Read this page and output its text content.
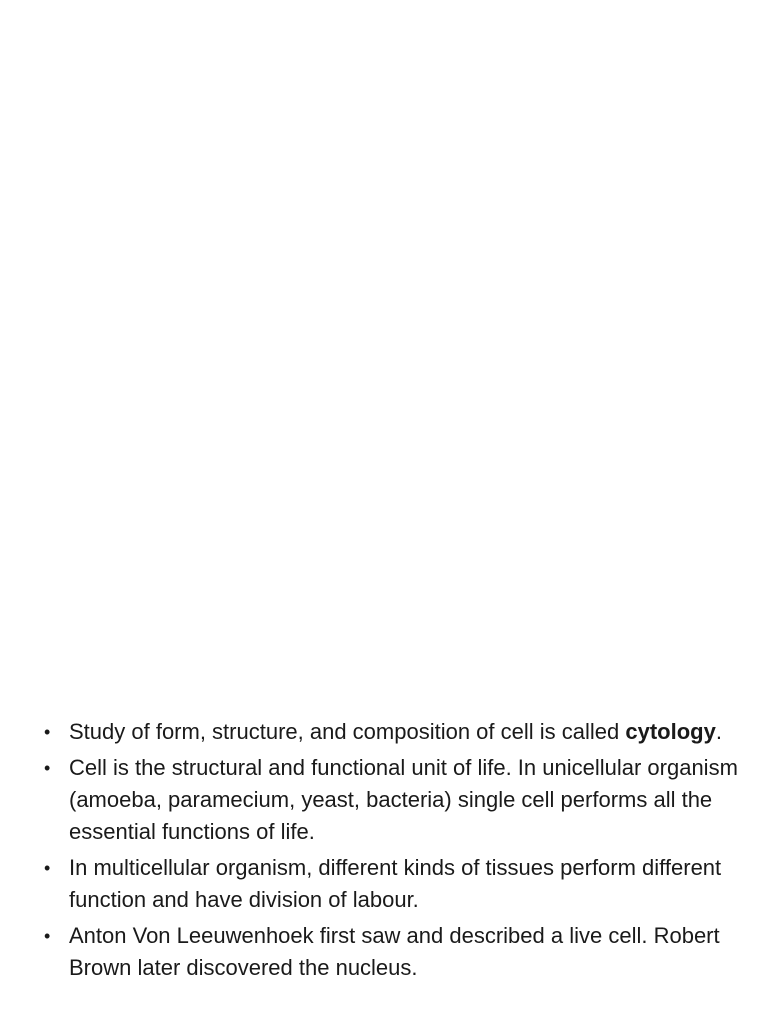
• Study of form, structure, and composition of cell is called cytology.
• Cell is the structural and functional unit of life. In unicellular organism (amoeba, paramecium, yeast, bacteria) single cell performs all the essential functions of life.
• In multicellular organism, different kinds of tissues perform different function and have division of labour.
• Anton Von Leeuwenhoek first saw and described a live cell. Robert Brown later discovered the nucleus.
